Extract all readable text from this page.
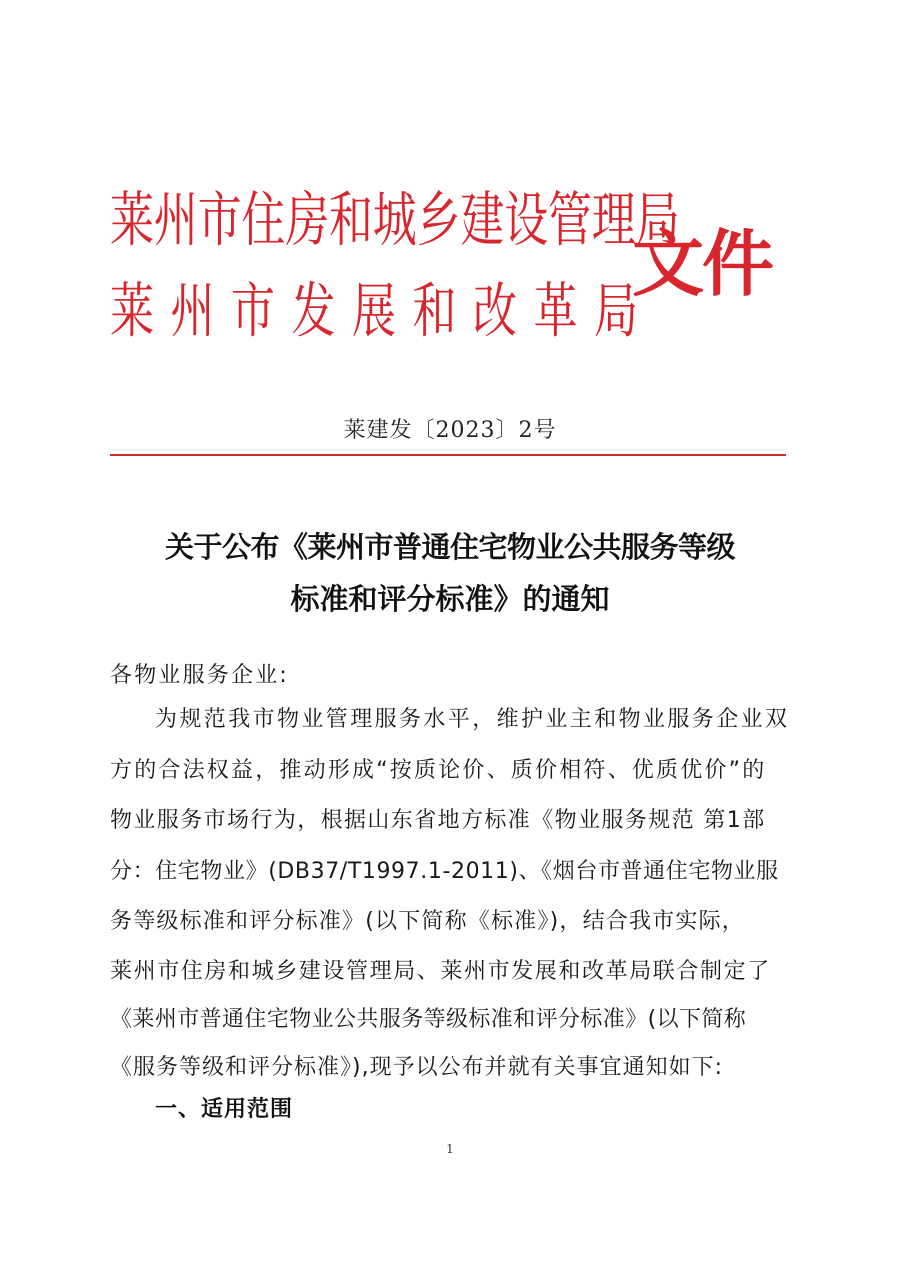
莱州市住房和城乡建设管理局
莱州市发展和改革局
文件
莱建发〔2023〕2号
关于公布《莱州市普通住宅物业公共服务等级
标准和评分标准》的通知
各物业服务企业:
为规范我市物业管理服务水平，维护业主和物业服务企业双
方的合法权益，推动形成“按质论价、质价相符、优质优价”的
物业服务市场行为，根据山东省地方标准《物业服务规范 第1部
分：住宅物业》(DB37/T1997.1-2011)、《烟台市普通住宅物业服
务等级标准和评分标准》(以下简称《标准》)，结合我市实际，
莱州市住房和城乡建设管理局、莱州市发展和改革局联合制定了
《莱州市普通住宅物业公共服务等级标准和评分标准》(以下简称
《服务等级和评分标准》),现予以公布并就有关事宜通知如下:
一、适用范围
1
